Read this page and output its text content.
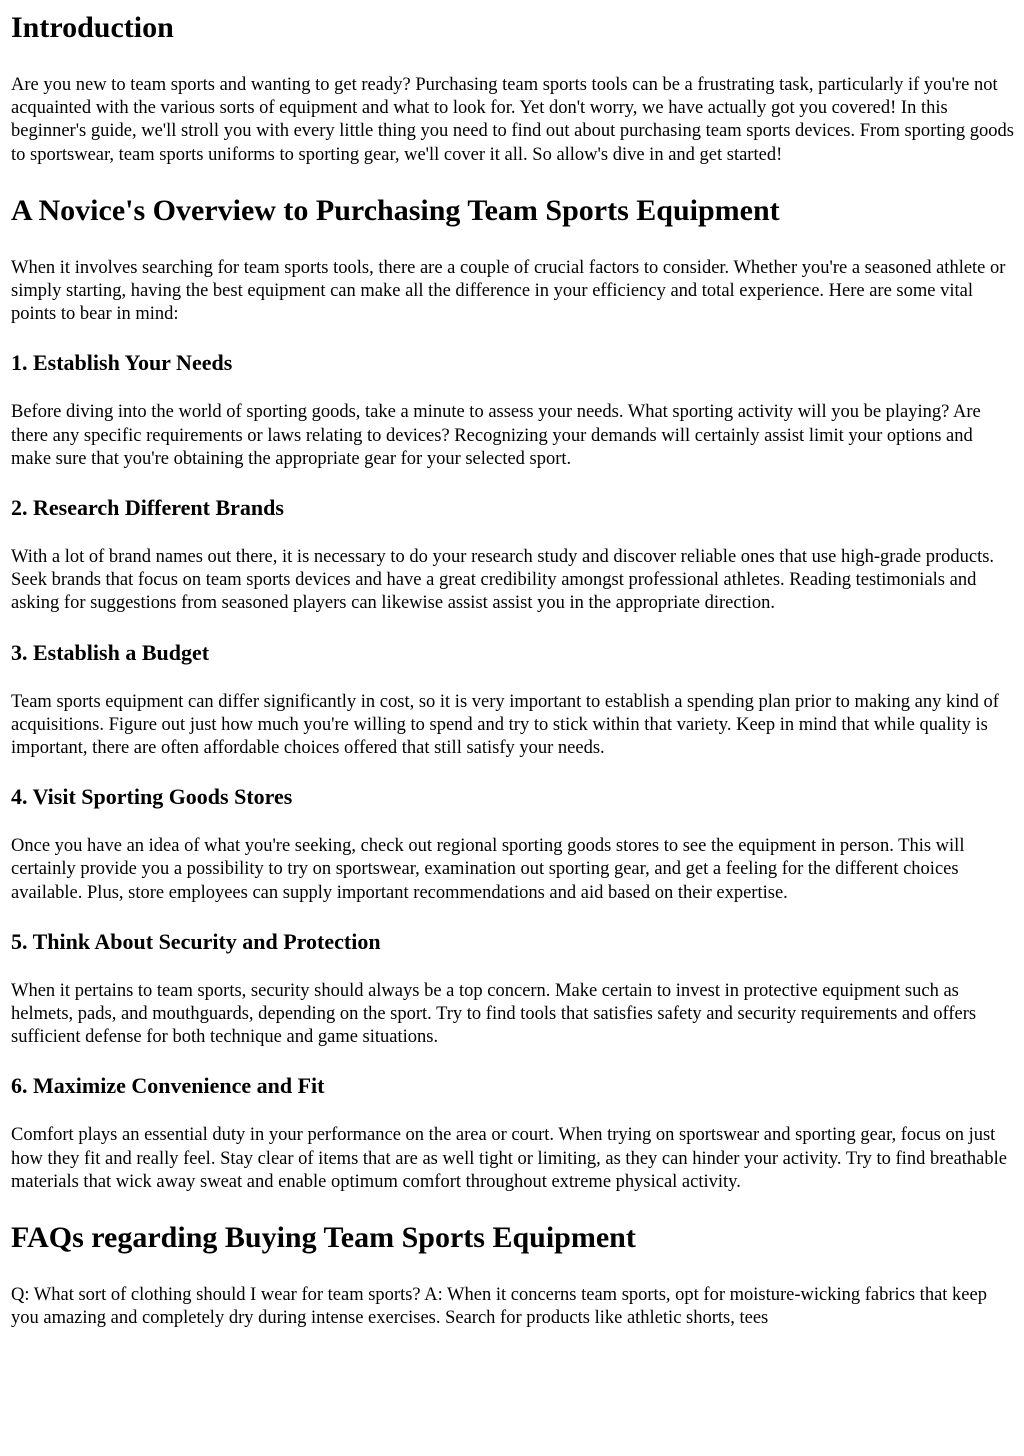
Introduction

Are you new to team sports and wanting to get ready? Purchasing team sports tools can be a frustrating task, particularly if you're not acquainted with the various sorts of equipment and what to look for. Yet don't worry, we have actually got you covered! In this beginner's guide, we'll stroll you with every little thing you need to find out about purchasing team sports devices. From sporting goods to sportswear, team sports uniforms to sporting gear, we'll cover it all. So allow's dive in and get started!

A Novice's Overview to Purchasing Team Sports Equipment

When it involves searching for team sports tools, there are a couple of crucial factors to consider. Whether you're a seasoned athlete or simply starting, having the best equipment can make all the difference in your efficiency and total experience. Here are some vital points to bear in mind:

1. Establish Your Needs

Before diving into the world of sporting goods, take a minute to assess your needs. What sporting activity will you be playing? Are there any specific requirements or laws relating to devices? Recognizing your demands will certainly assist limit your options and make sure that you're obtaining the appropriate gear for your selected sport.

2. Research Different Brands

With a lot of brand names out there, it is necessary to do your research study and discover reliable ones that use high-grade products. Seek brands that focus on team sports devices and have a great credibility amongst professional athletes. Reading testimonials and asking for suggestions from seasoned players can likewise assist assist you in the appropriate direction.

3. Establish a Budget

Team sports equipment can differ significantly in cost, so it is very important to establish a spending plan prior to making any kind of acquisitions. Figure out just how much you're willing to spend and try to stick within that variety. Keep in mind that while quality is important, there are often affordable choices offered that still satisfy your needs.

4. Visit Sporting Goods Stores

Once you have an idea of what you're seeking, check out regional sporting goods stores to see the equipment in person. This will certainly provide you a possibility to try on sportswear, examination out sporting gear, and get a feeling for the different choices available. Plus, store employees can supply important recommendations and aid based on their expertise.

5. Think About Security and Protection

When it pertains to team sports, security should always be a top concern. Make certain to invest in protective equipment such as helmets, pads, and mouthguards, depending on the sport. Try to find tools that satisfies safety and security requirements and offers sufficient defense for both technique and game situations.

6. Maximize Convenience and Fit

Comfort plays an essential duty in your performance on the area or court. When trying on sportswear and sporting gear, focus on just how they fit and really feel. Stay clear of items that are as well tight or limiting, as they can hinder your activity. Try to find breathable materials that wick away sweat and enable optimum comfort throughout extreme physical activity.

FAQs regarding Buying Team Sports Equipment

Q: What sort of clothing should I wear for team sports? A: When it concerns team sports, opt for moisture-wicking fabrics that keep you amazing and completely dry during intense exercises. Search for products like athletic shorts, tees
